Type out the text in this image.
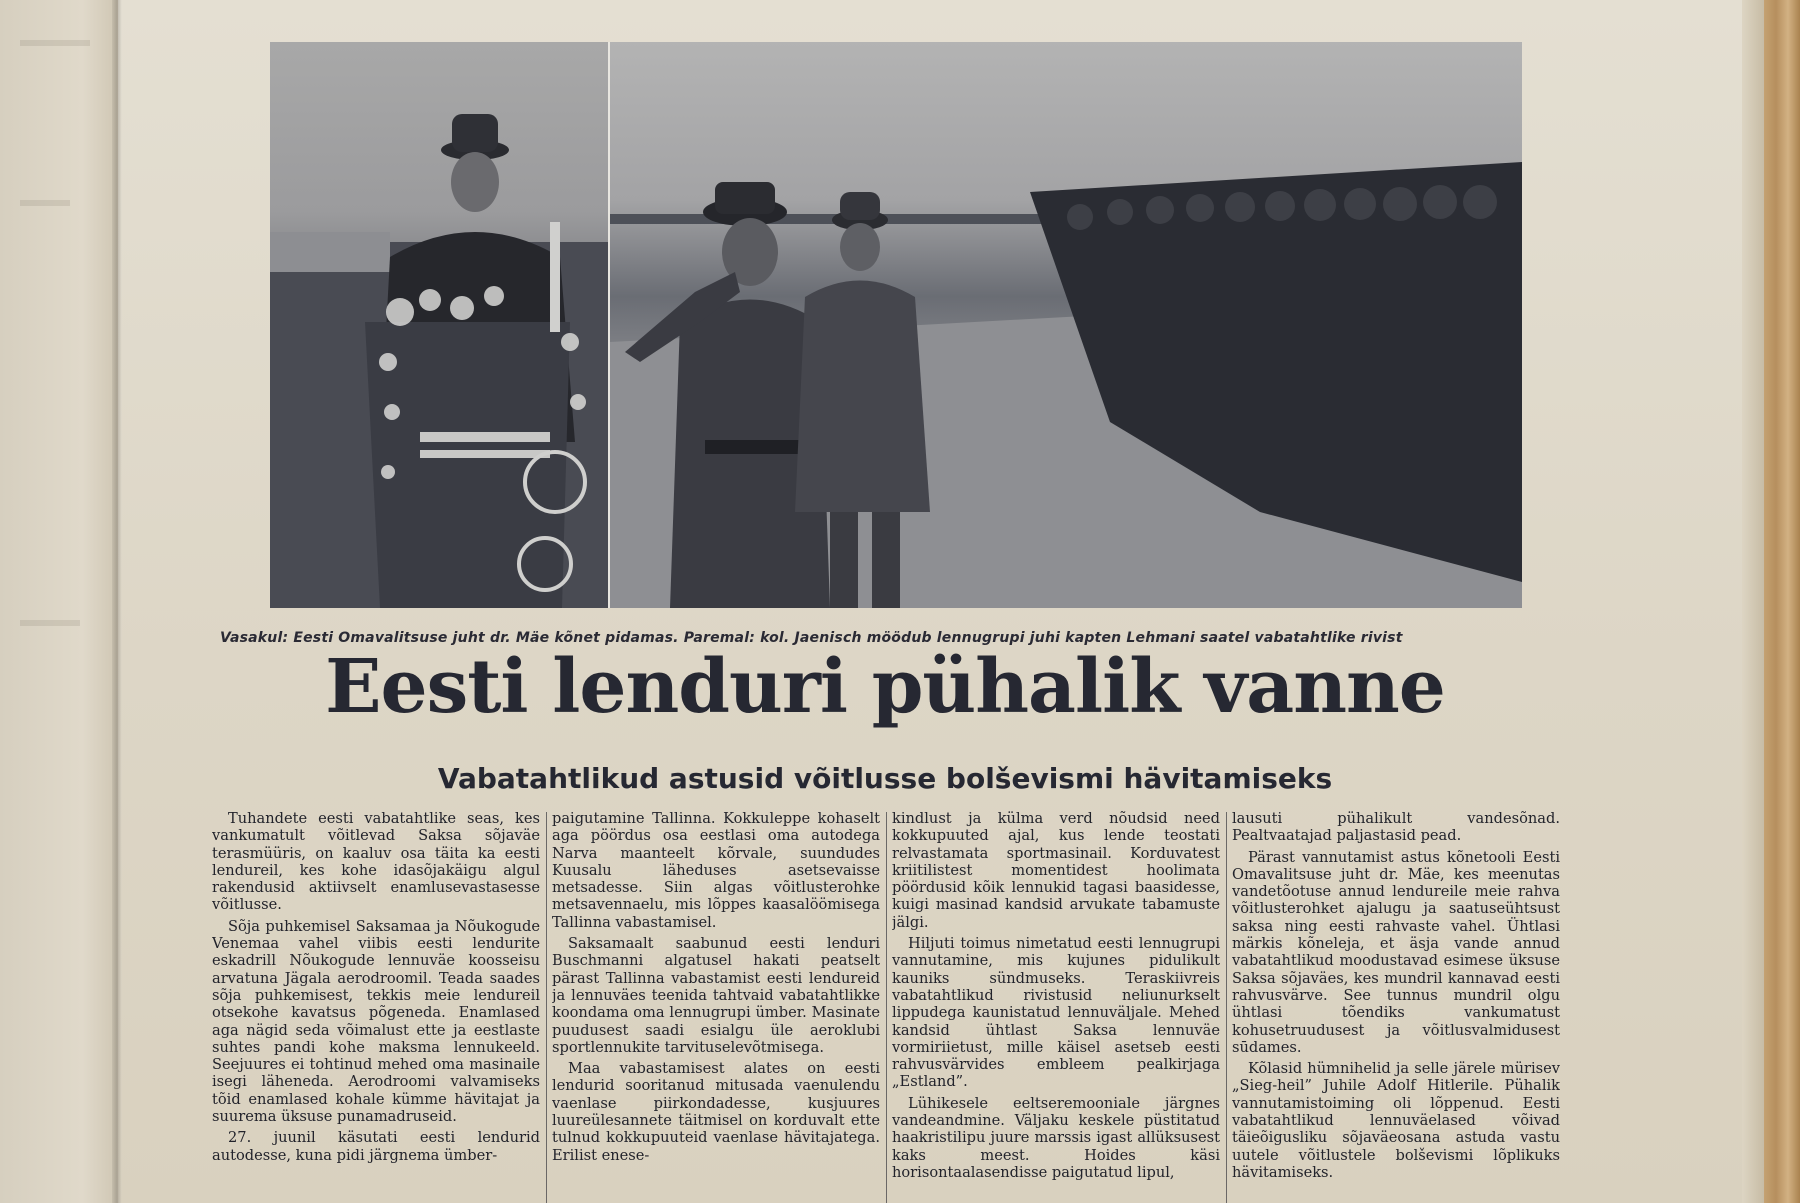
Vasakul: Eesti Omavalitsuse juht dr. Mäe kõnet pidamas. Paremal: kol. Jaenisch möödub lennugrupi juhi kapten Lehmani saatel vabatahtlike rivist
Eesti lenduri pühalik vanne
Vabatahtlikud astusid võitlusse bolševismi hävitamiseks

Tuhandete eesti vabatahtlike seas, kes vankumatult võitlevad Saksa sõjaväe terasmüüris, on kaaluv osa täita ka eesti lendureil, kes kohe idasõjakäigu algul rakendusid aktiivselt enamlusevastasesse võitlusse.

Sõja puhkemisel Saksamaa ja Nõukogude Venemaa vahel viibis eesti lendurite eskadrill Nõukogude lennuväe koosseisu arvatuna Jägala aerodroomil. Teada saades sõja puhkemisest, tekkis meie lendureil otsekohe kavatsus põgeneda. Enamlased aga nägid seda võimalust ette ja eestlaste suhtes pandi kohe maksma lennukeeld. Seejuures ei tohtinud mehed oma masinaile isegi läheneda. Aerodroomi valvamiseks tõid enamlased kohale kümme hävitajat ja suurema üksuse punamadruseid.

27. juunil käsutati eesti lendurid autodesse, kuna pidi järgnema ümber-

paigutamine Tallinna. Kokkuleppe kohaselt aga pöördus osa eestlasi oma autodega Narva maanteelt kõrvale, suundudes Kuusalu läheduses asetsevaisse metsadesse. Siin algas võitlusterohke metsavennaelu, mis lõppes kaasalöömisega Tallinna vabastamisel.

Saksamaalt saabunud eesti lenduri Buschmanni algatusel hakati peatselt pärast Tallinna vabastamist eesti lendureid ja lennuväes teenida tahtvaid vabatahtlikke koondama oma lennugrupi ümber. Masinate puudusest saadi esialgu üle aeroklubi sportlennukite tarvituselevõtmisega.

Maa vabastamisest alates on eesti lendurid sooritanud mitusada vaenulendu vaenlase piirkondadesse, kusjuures luureülesannete täitmisel on korduvalt ette tulnud kokkupuuteid vaenlase hävitajatega. Erilist enese-

kindlust ja külma verd nõudsid need kokkupuuted ajal, kus lende teostati relvastamata sportmasinail. Korduvatest kriitilistest momentidest hoolimata pöördusid kõik lennukid tagasi baasidesse, kuigi masinad kandsid arvukate tabamuste jälgi.

Hiljuti toimus nimetatud eesti lennugrupi vannutamine, mis kujunes pidulikult kauniks sündmuseks. Teraskiivreis vabatahtlikud rivistusid neliunurkselt lippudega kaunistatud lennuväljale. Mehed kandsid ühtlast Saksa lennuväe vormiriietust, mille käisel asetseb eesti rahvusvärvides embleem pealkirjaga „Estland”.

Lühikesele eeltseremooniale järgnes vandeandmine. Väljaku keskele püstitatud haakristilipu juure marssis igast allüksusest kaks meest. Hoides käsi horisontaalasendisse paigutatud lipul,

lausuti pühalikult vandesõnad. Pealtvaatajad paljastasid pead.

Pärast vannutamist astus kõnetooli Eesti Omavalitsuse juht dr. Mäe, kes meenutas vandetõotuse annud lendureile meie rahva võitlusterohket ajalugu ja saatuseühtsust saksa ning eesti rahvaste vahel. Ühtlasi märkis kõneleja, et äsja vande annud vabatahtlikud moodustavad esimese üksuse Saksa sõjaväes, kes mundril kannavad eesti rahvusvärve. See tunnus mundril olgu ühtlasi tõendiks vankumatust kohusetruudusest ja võitlusvalmidusest sūdames.

Kõlasid hümnihelid ja selle järele mürisev „Sieg-heil” Juhile Adolf Hitlerile. Pühalik vannutamistoiming oli lõppenud. Eesti vabatahtlikud lennuväelased võivad täieõigusliku sõjaväeosana astuda vastu uutele võitlustele bolševismi lõplikuks hävitamiseks.
